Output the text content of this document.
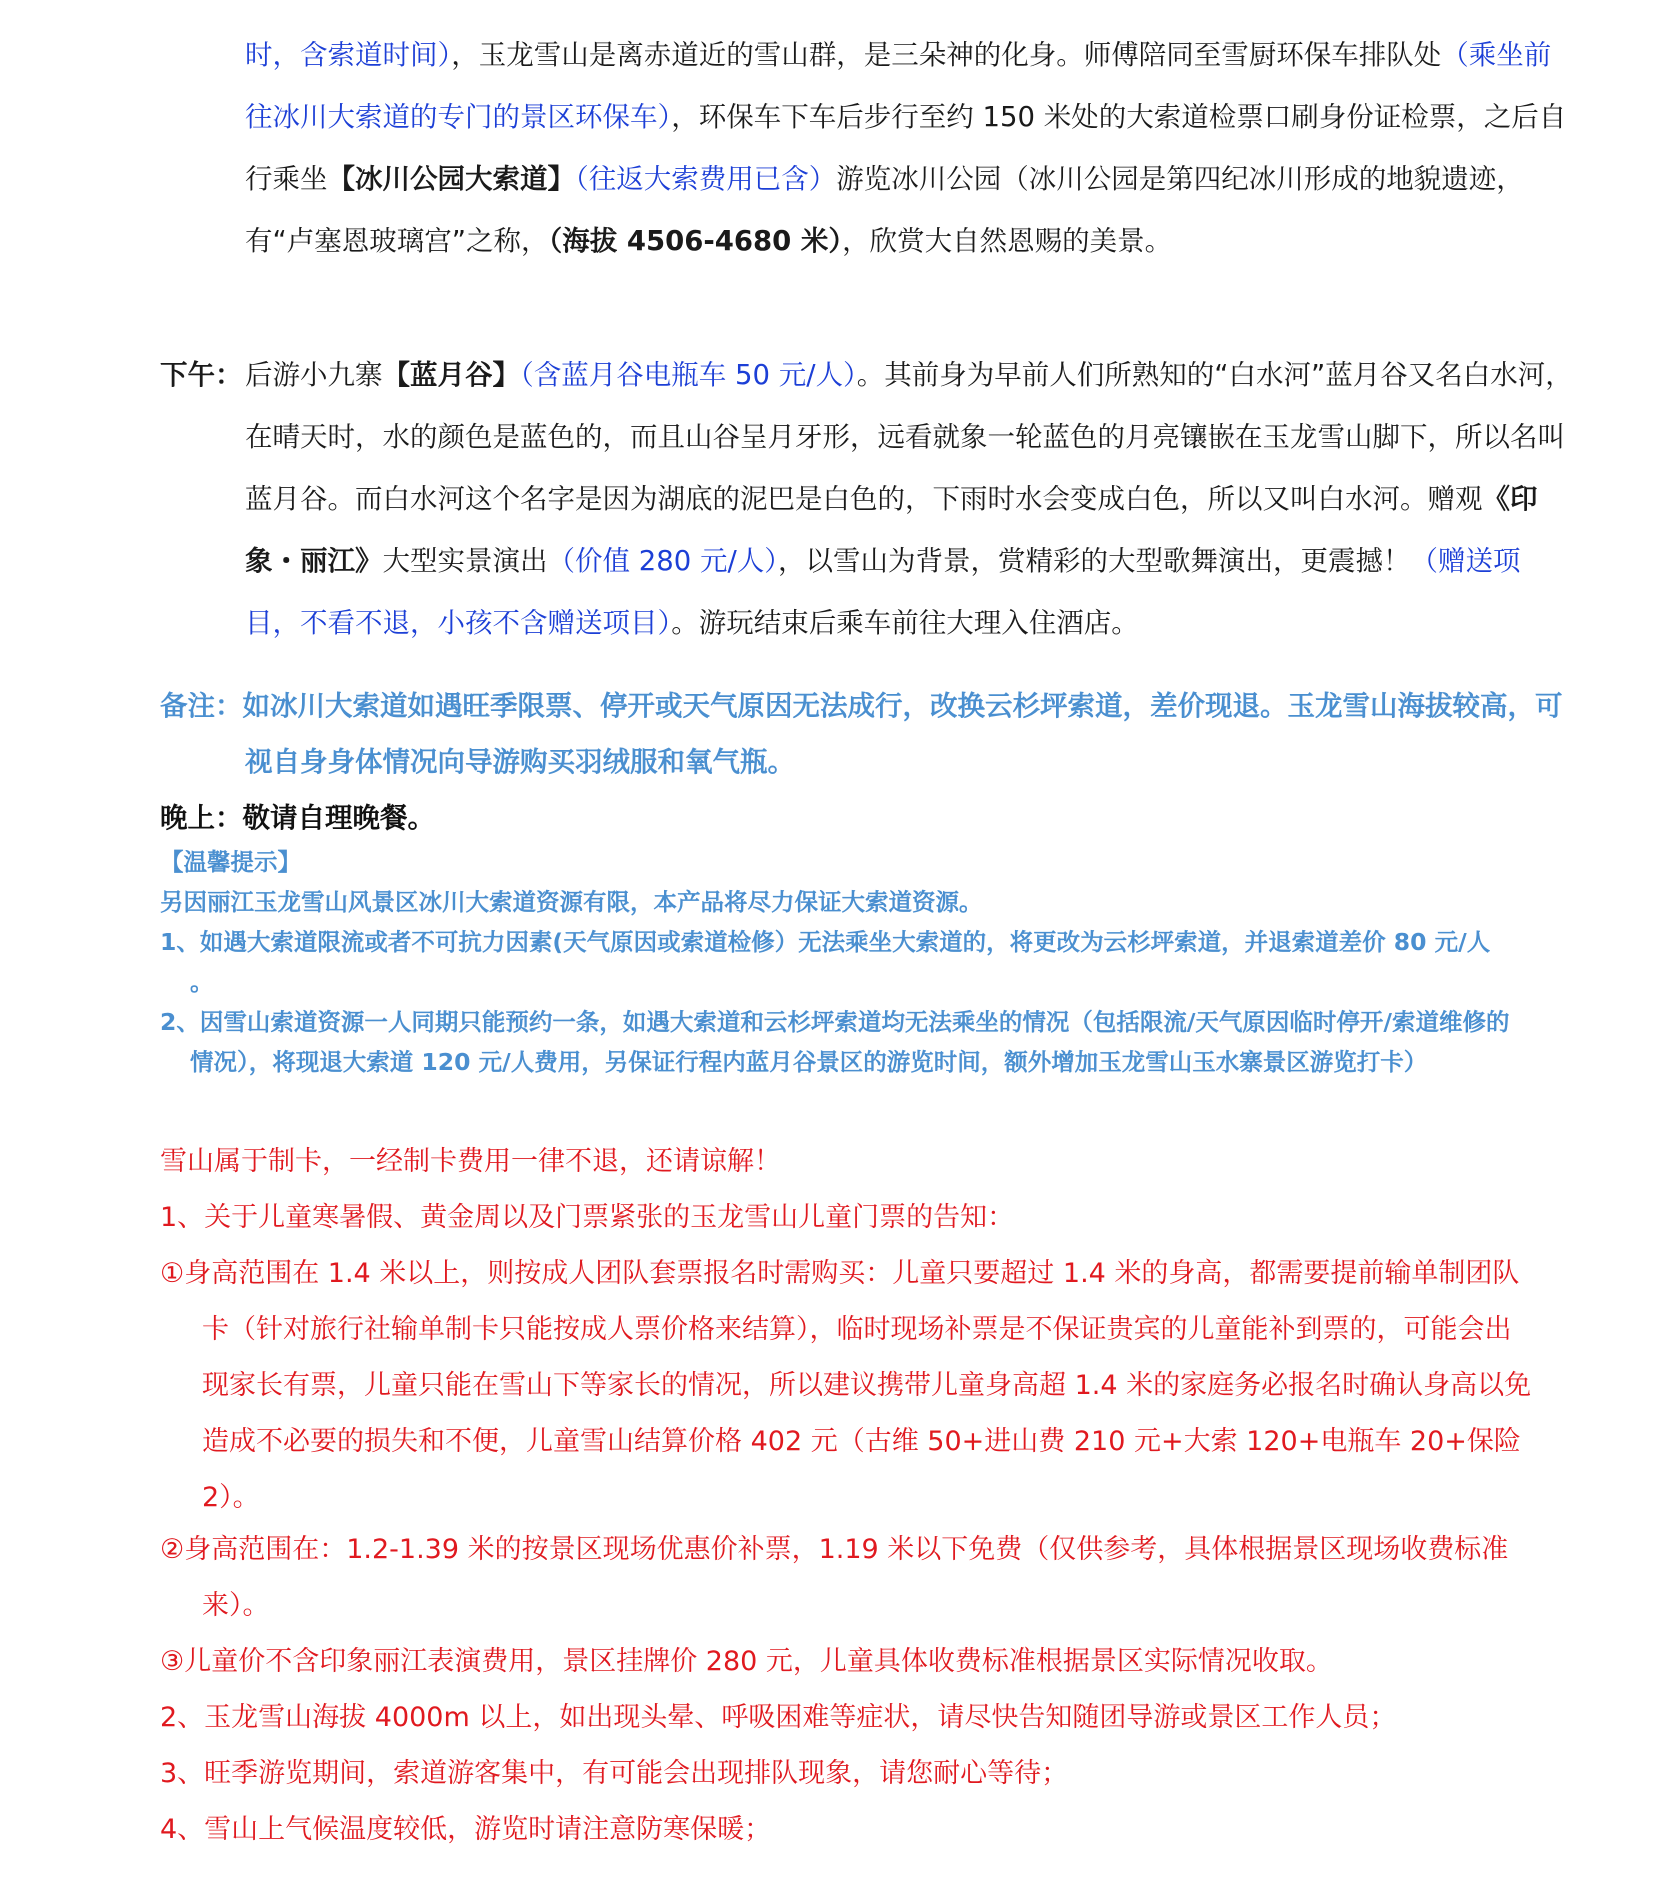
时，含索道时间），玉龙雪山是离赤道近的雪山群，是三朵神的化身。师傅陪同至雪厨环保车排队处（乘坐前往冰川大索道的专门的景区环保车），环保车下车后步行至约 150 米处的大索道检票口刷身份证检票，之后自行乘坐【冰川公园大索道】（往返大索费用已含）游览冰川公园（冰川公园是第四纪冰川形成的地貌遗迹，有“卢塞恩玻璃宫”之称，（海拔 4506-4680 米），欣赏大自然恩赐的美景。

下午：后游小九寨【蓝月谷】（含蓝月谷电瓶车 50 元/人）。其前身为早前人们所熟知的“白水河”蓝月谷又名白水河，在晴天时，水的颜色是蓝色的，而且山谷呈月牙形，远看就象一轮蓝色的月亮镶嵌在玉龙雪山脚下，所以名叫蓝月谷。而白水河这个名字是因为湖底的泥巴是白色的，下雨时水会变成白色，所以又叫白水河。赠观《印象・丽江》大型实景演出（价值 280 元/人），以雪山为背景，赏精彩的大型歌舞演出，更震撼！（赠送项目，不看不退，小孩不含赠送项目）。游玩结束后乘车前往大理入住酒店。

备注：如冰川大索道如遇旺季限票、停开或天气原因无法成行，改换云杉坪索道，差价现退。玉龙雪山海拔较高，可视自身身体情况向导游购买羽绒服和氧气瓶。

晚上：敬请自理晚餐。

【温馨提示】

另因丽江玉龙雪山风景区冰川大索道资源有限，本产品将尽力保证大索道资源。

1、如遇大索道限流或者不可抗力因素(天气原因或索道检修）无法乘坐大索道的，将更改为云杉坪索道，并退索道差价 80 元/人 。

2、因雪山索道资源一人同期只能预约一条，如遇大索道和云杉坪索道均无法乘坐的情况（包括限流/天气原因临时停开/索道维修的情况），将现退大索道 120 元/人费用，另保证行程内蓝月谷景区的游览时间，额外增加玉龙雪山玉水寨景区游览打卡）

雪山属于制卡，一经制卡费用一律不退，还请谅解！

1、关于儿童寒暑假、黄金周以及门票紧张的玉龙雪山儿童门票的告知：

①身高范围在 1.4 米以上，则按成人团队套票报名时需购买：儿童只要超过 1.4 米的身高，都需要提前输单制团队卡（针对旅行社输单制卡只能按成人票价格来结算），临时现场补票是不保证贵宾的儿童能补到票的，可能会出现家长有票，儿童只能在雪山下等家长的情况，所以建议携带儿童身高超 1.4 米的家庭务必报名时确认身高以免造成不必要的损失和不便，儿童雪山结算价格 402 元（古维 50+进山费 210 元+大索 120+电瓶车 20+保险 2）。

②身高范围在：1.2-1.39 米的按景区现场优惠价补票，1.19 米以下免费（仅供参考，具体根据景区现场收费标准来）。

③儿童价不含印象丽江表演费用，景区挂牌价 280 元，儿童具体收费标准根据景区实际情况收取。

2、玉龙雪山海拔 4000m 以上，如出现头晕、呼吸困难等症状，请尽快告知随团导游或景区工作人员；

3、旺季游览期间，索道游客集中，有可能会出现排队现象，请您耐心等待；

4、雪山上气候温度较低，游览时请注意防寒保暖；
